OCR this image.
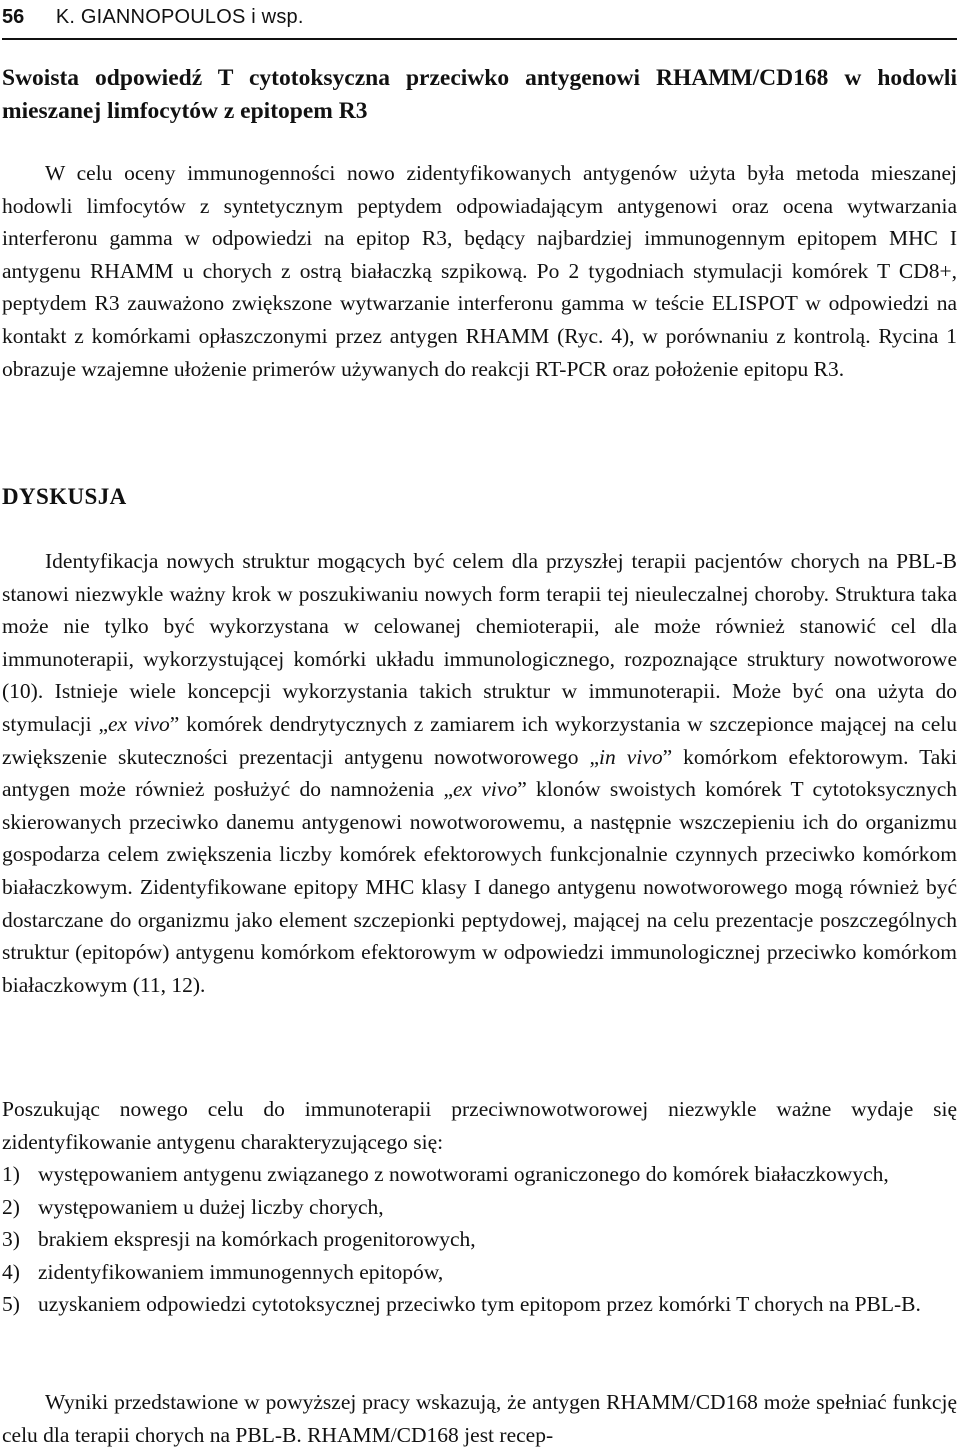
56 K. GIANNOPOULOS i wsp.
Swoista odpowiedź T cytotoksyczna przeciwko antygenowi RHAMM/CD168 w hodowli mieszanej limfocytów z epitopem R3

W celu oceny immunogenności nowo zidentyfikowanych antygenów użyta była metoda mieszanej hodowli limfocytów z syntetycznym peptydem odpowiadającym antygenowi oraz ocena wytwarzania interferonu gamma w odpowiedzi na epitop R3, będący najbardziej immunogennym epitopem MHC I antygenu RHAMM u chorych z ostrą białaczką szpikową. Po 2 tygodniach stymulacji komórek T CD8+, peptydem R3 zauważono zwiększone wytwarzanie interferonu gamma w teście ELISPOT w odpowiedzi na kontakt z komórkami opłaszczonymi przez antygen RHAMM (Ryc. 4), w porównaniu z kontrolą. Rycina 1 obrazuje wzajemne ułożenie primerów używanych do reakcji RT-PCR oraz położenie epitopu R3.

DYSKUSJA

Identyfikacja nowych struktur mogących być celem dla przyszłej terapii pacjentów chorych na PBL-B stanowi niezwykle ważny krok w poszukiwaniu nowych form terapii tej nieuleczalnej choroby. Struktura taka może nie tylko być wykorzystana w celowanej chemioterapii, ale może również stanowić cel dla immunoterapii, wykorzystującej komórki układu immunologicznego, rozpoznające struktury nowotworowe (10). Istnieje wiele koncepcji wykorzystania takich struktur w immunoterapii. Może być ona użyta do stymulacji „ex vivo” komórek dendrytycznych z zamiarem ich wykorzystania w szczepionce mającej na celu zwiększenie skuteczności prezentacji antygenu nowotworowego „in vivo” komórkom efektorowym. Taki antygen może również posłużyć do namnożenia „ex vivo” klonów swoistych komórek T cytotoksycznych skierowanych przeciwko danemu antygenowi nowotworowemu, a następnie wszczepieniu ich do organizmu gospodarza celem zwiększenia liczby komórek efektorowych funkcjonalnie czynnych przeciwko komórkom białaczkowym. Zidentyfikowane epitopy MHC klasy I danego antygenu nowotworowego mogą również być dostarczane do organizmu jako element szczepionki peptydowej, mającej na celu prezentacje poszczególnych struktur (epitopów) antygenu komórkom efektorowym w odpowiedzi immunologicznej przeciwko komórkom białaczkowym (11, 12).

Poszukując nowego celu do immunoterapii przeciwnowotworowej niezwykle ważne wydaje się zidentyfikowanie antygenu charakteryzującego się:

1) występowaniem antygenu związanego z nowotworami ograniczonego do komórek białaczkowych,
2) występowaniem u dużej liczby chorych,
3) brakiem ekspresji na komórkach progenitorowych,
4) zidentyfikowaniem immunogennych epitopów,
5) uzyskaniem odpowiedzi cytotoksycznej przeciwko tym epitopom przez komórki T chorych na PBL-B.

Wyniki przedstawione w powyższej pracy wskazują, że antygen RHAMM/CD168 może spełniać funkcję celu dla terapii chorych na PBL-B. RHAMM/CD168 jest recep-
